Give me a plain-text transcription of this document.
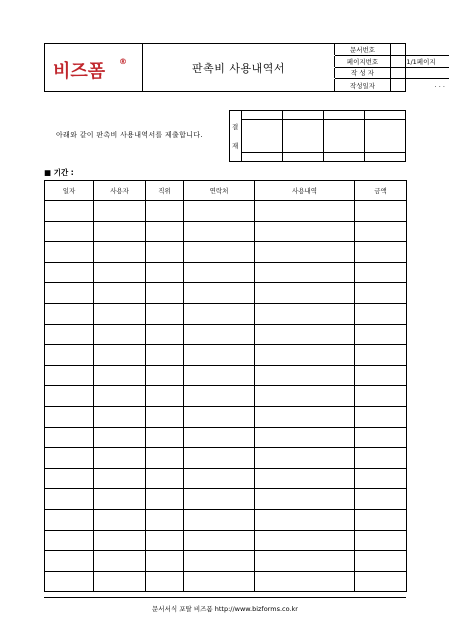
비즈폼 ®	판촉비 사용내역서
문서번호
페이지번호	1/1페이지
작 성 자
작성일자	. . .
아래와 같이 판촉비 사용내역서를 제출합니다.
결
재
■ 기간 :
일자	사용자	직위	연락처	사용내역	금액

문서서식 포탈 비즈폼 http://www.bizforms.co.kr
